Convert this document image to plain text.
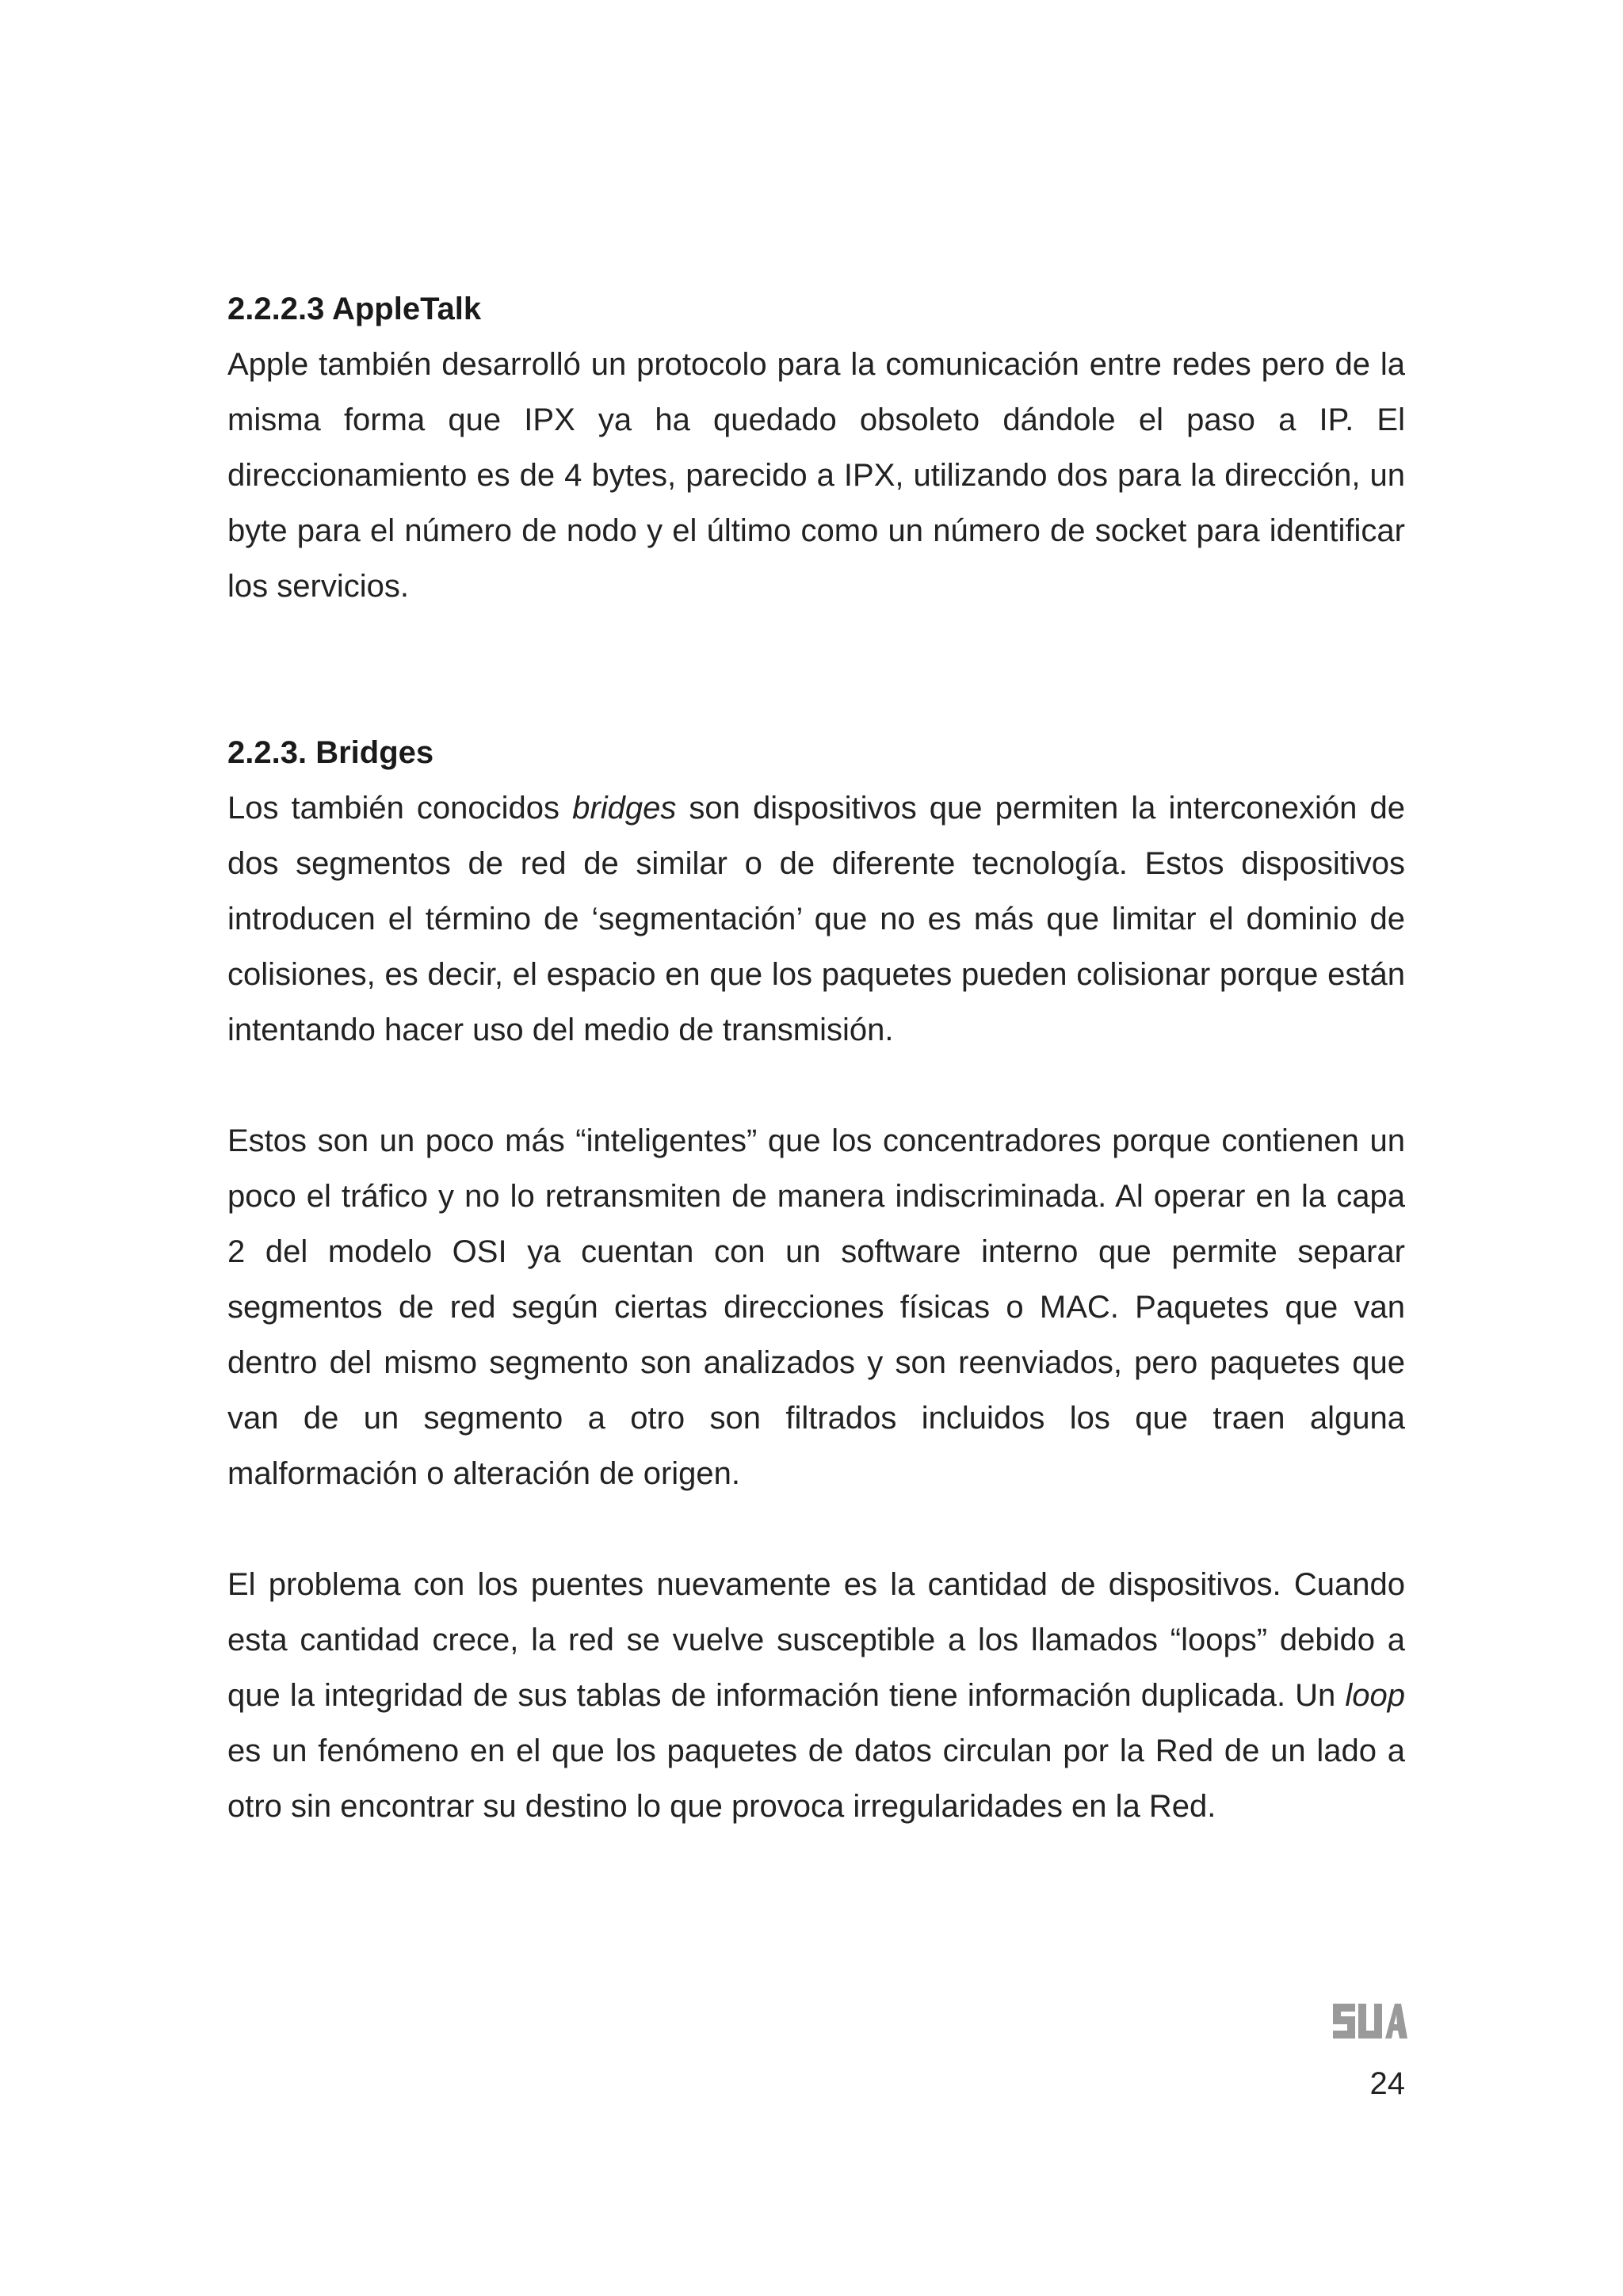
2.2.2.3 AppleTalk

Apple también desarrolló un protocolo para la comunicación entre redes pero de la misma forma que IPX ya ha quedado obsoleto dándole el paso a IP. El direccionamiento es de 4 bytes, parecido a IPX, utilizando dos para la dirección, un byte para el número de nodo y el último como un número de socket para identificar los servicios.

2.2.3. Bridges

Los también conocidos bridges son dispositivos que permiten la interconexión de dos segmentos de red de similar o de diferente tecnología. Estos dispositivos introducen el término de ‘segmentación’ que no es más que limitar el dominio de colisiones, es decir, el espacio en que los paquetes pueden colisionar porque están intentando hacer uso del medio de transmisión.

Estos son un poco más “inteligentes” que los concentradores porque contienen un poco el tráfico y no lo retransmiten de manera indiscriminada. Al operar en la capa 2 del modelo OSI ya cuentan con un software interno que permite separar segmentos de red según ciertas direcciones físicas o MAC. Paquetes que van dentro del mismo segmento son analizados y son reenviados, pero paquetes que van de un segmento a otro son filtrados incluidos los que traen alguna malformación o alteración de origen.

El problema con los puentes nuevamente es la cantidad de dispositivos. Cuando esta cantidad crece, la red se vuelve susceptible a los llamados “loops” debido a que la integridad de sus tablas de información tiene información duplicada. Un loop es un fenómeno en el que los paquetes de datos circulan por la Red de un lado a otro sin encontrar su destino lo que provoca irregularidades en la Red.

24
